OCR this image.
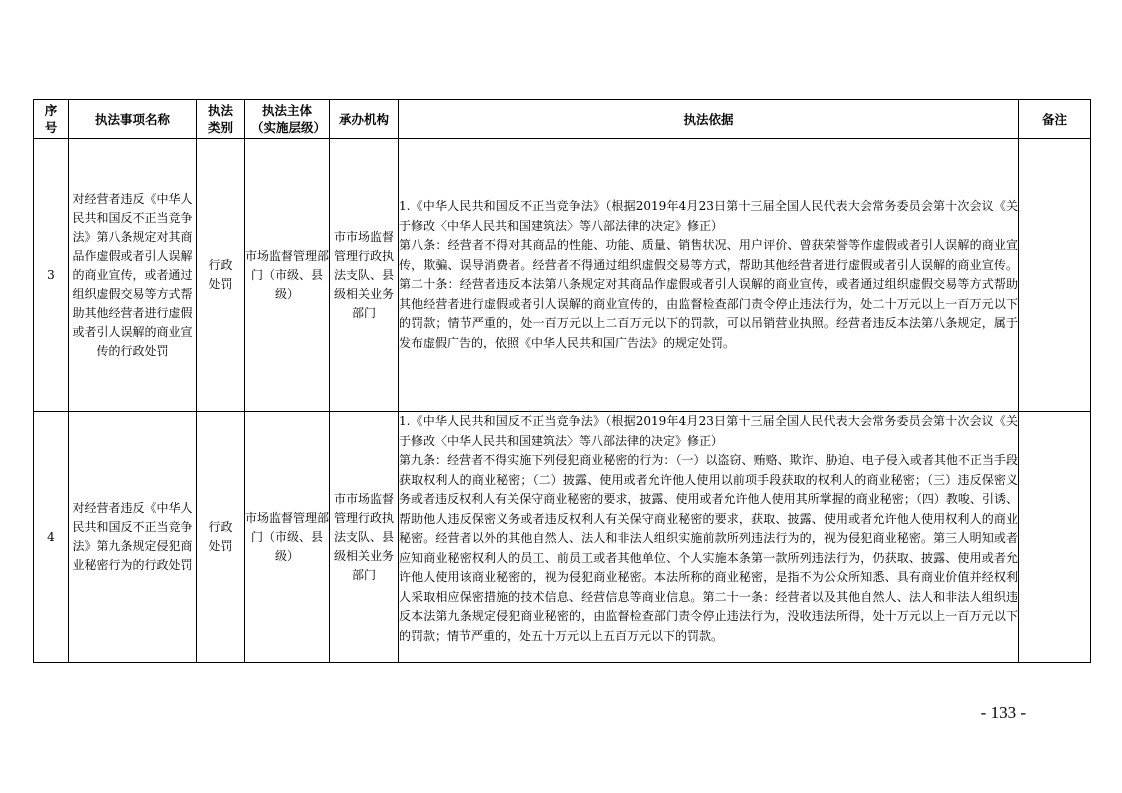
序号	执法事项名称	执法类别	执法主体（实施层级）	承办机构	执法依据	备注
3	对经营者违反《中华人民共和国反不正当竞争法》第八条规定对其商品作虚假或者引人误解的商业宣传，或者通过组织虚假交易等方式帮助其他经营者进行虚假或者引人误解的商业宣传的行政处罚	行政处罚	市场监督管理部门（市级、县级）	市市场监督管理行政执法支队、县级相关业务部门	1.《中华人民共和国反不正当竞争法》（根据2019年4月23日第十三届全国人民代表大会常务委员会第十次会议《关于修改〈中华人民共和国建筑法〉等八部法律的决定》修正）
第八条：经营者不得对其商品的性能、功能、质量、销售状况、用户评价、曾获荣誉等作虚假或者引人误解的商业宣传，欺骗、误导消费者。经营者不得通过组织虚假交易等方式，帮助其他经营者进行虚假或者引人误解的商业宣传。第二十条：经营者违反本法第八条规定对其商品作虚假或者引人误解的商业宣传，或者通过组织虚假交易等方式帮助其他经营者进行虚假或者引人误解的商业宣传的，由监督检查部门责令停止违法行为，处二十万元以上一百万元以下的罚款；情节严重的，处一百万元以上二百万元以下的罚款，可以吊销营业执照。经营者违反本法第八条规定，属于发布虚假广告的，依照《中华人民共和国广告法》的规定处罚。	

4	对经营者违反《中华人民共和国反不正当竞争法》第九条规定侵犯商业秘密行为的行政处罚	行政处罚	市场监督管理部门（市级、县级）	市市场监督管理行政执法支队、县级相关业务部门	1.《中华人民共和国反不正当竞争法》（根据2019年4月23日第十三届全国人民代表大会常务委员会第十次会议《关于修改〈中华人民共和国建筑法〉等八部法律的决定》修正）
第九条：经营者不得实施下列侵犯商业秘密的行为：（一）以盗窃、贿赂、欺诈、胁迫、电子侵入或者其他不正当手段获取权利人的商业秘密；（二）披露、使用或者允许他人使用以前项手段获取的权利人的商业秘密；（三）违反保密义务或者违反权利人有关保守商业秘密的要求，披露、使用或者允许他人使用其所掌握的商业秘密；（四）教唆、引诱、帮助他人违反保密义务或者违反权利人有关保守商业秘密的要求，获取、披露、使用或者允许他人使用权利人的商业秘密。经营者以外的其他自然人、法人和非法人组织实施前款所列违法行为的，视为侵犯商业秘密。第三人明知或者应知商业秘密权利人的员工、前员工或者其他单位、个人实施本条第一款所列违法行为，仍获取、披露、使用或者允许他人使用该商业秘密的，视为侵犯商业秘密。本法所称的商业秘密，是指不为公众所知悉、具有商业价值并经权利人采取相应保密措施的技术信息、经营信息等商业信息。第二十一条：经营者以及其他自然人、法人和非法人组织违反本法第九条规定侵犯商业秘密的，由监督检查部门责令停止违法行为，没收违法所得，处十万元以上一百万元以下的罚款；情节严重的，处五十万元以上五百万元以下的罚款。	

- 133 -
